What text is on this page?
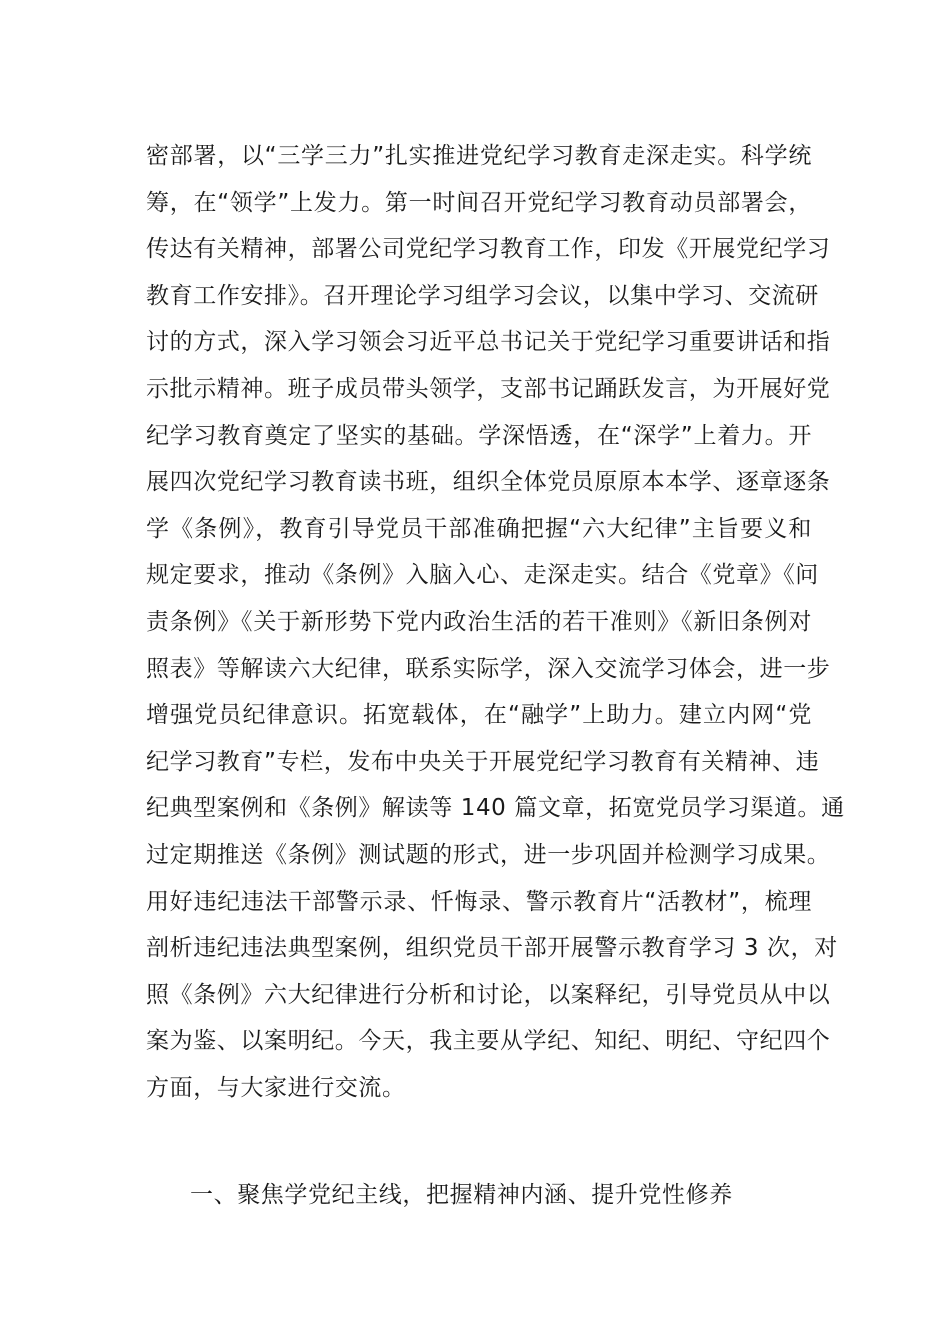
密部署，以“三学三力”扎实推进党纪学习教育走深走实。科学统
筹，在“领学”上发力。第一时间召开党纪学习教育动员部署会，
传达有关精神，部署公司党纪学习教育工作，印发《开展党纪学习
教育工作安排》。召开理论学习组学习会议，以集中学习、交流研
讨的方式，深入学习领会习近平总书记关于党纪学习重要讲话和指
示批示精神。班子成员带头领学，支部书记踊跃发言，为开展好党
纪学习教育奠定了坚实的基础。学深悟透，在“深学”上着力。开
展四次党纪学习教育读书班，组织全体党员原原本本学、逐章逐条
学《条例》，教育引导党员干部准确把握“六大纪律”主旨要义和
规定要求，推动《条例》入脑入心、走深走实。结合《党章》《问
责条例》《关于新形势下党内政治生活的若干准则》《新旧条例对
照表》等解读六大纪律，联系实际学，深入交流学习体会，进一步
增强党员纪律意识。拓宽载体，在“融学”上助力。建立内网“党
纪学习教育”专栏，发布中央关于开展党纪学习教育有关精神、违
纪典型案例和《条例》解读等 140 篇文章，拓宽党员学习渠道。通
过定期推送《条例》测试题的形式，进一步巩固并检测学习成果。
用好违纪违法干部警示录、忏悔录、警示教育片“活教材”，梳理
剖析违纪违法典型案例，组织党员干部开展警示教育学习 3 次，对
照《条例》六大纪律进行分析和讨论，以案释纪，引导党员从中以
案为鉴、以案明纪。今天，我主要从学纪、知纪、明纪、守纪四个
方面，与大家进行交流。
一、聚焦学党纪主线，把握精神内涵、提升党性修养
